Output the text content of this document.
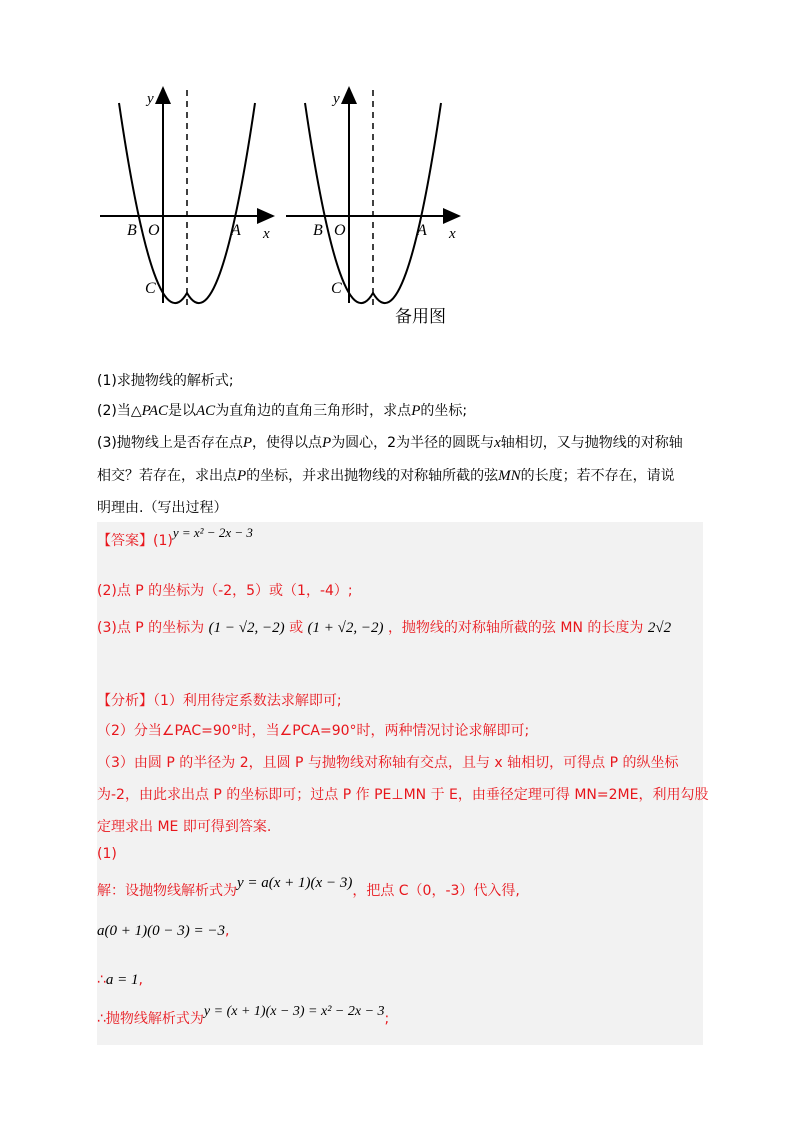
y
x
B O	A
C
y
x
B O	A
C
备用图
(1)求抛物线的解析式;
(2)当△PAC是以AC为直角边的直角三角形时，求点P的坐标;
(3)抛物线上是否存在点P，使得以点P为圆心，2为半径的圆既与x轴相切，又与抛物线的对称轴
相交？若存在，求出点P的坐标，并求出抛物线的对称轴所截的弦MN的长度；若不存在，请说
明理由.（写出过程）
【答案】(1)y = x² − 2x − 3
(2)点 P 的坐标为（-2，5）或（1，-4）;
(3)点 P 的坐标为 (1 − √2, −2) 或 (1 + √2, −2) ，抛物线的对称轴所截的弦 MN 的长度为 2√2
【分析】（1）利用待定系数法求解即可;
（2）分当∠PAC=90°时，当∠PCA=90°时，两种情况讨论求解即可;
（3）由圆 P 的半径为 2，且圆 P 与抛物线对称轴有交点，且与 x 轴相切，可得点 P 的纵坐标
为-2，由此求出点 P 的坐标即可；过点 P 作 PE⊥MN 于 E，由垂径定理可得 MN=2ME，利用勾股
定理求出 ME 即可得到答案.
(1)
解：设抛物线解析式为y = a(x + 1)(x − 3)，把点 C（0，-3）代入得,
a(0 + 1)(0 − 3) = −3,
∴a = 1,
∴抛物线解析式为y = (x + 1)(x − 3) = x² − 2x − 3;
